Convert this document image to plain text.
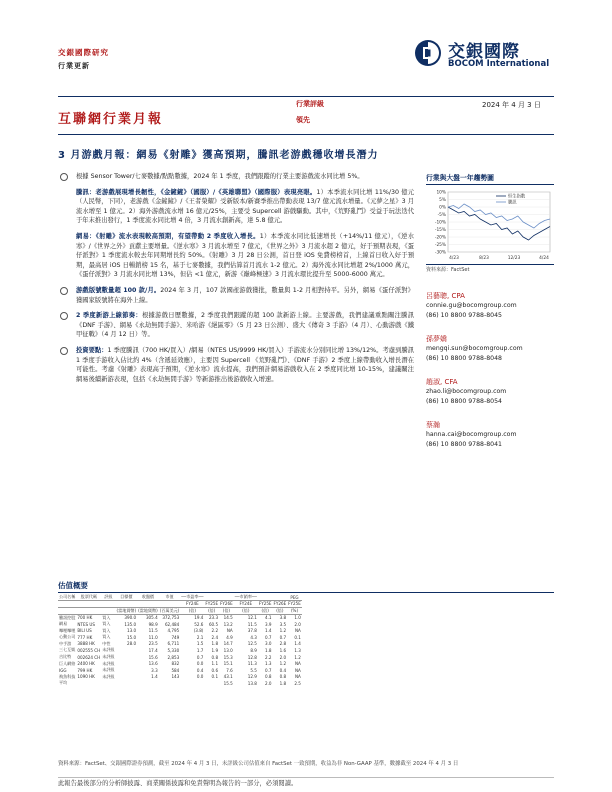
交銀國際研究
行業更新
交銀國際
BOCOM International
互聯網行業月報
行業評級
領先
2024 年 4 月 3 日
3 月游戲月報：網易《射雕》獲高預期，騰訊老游戲穩收增長潛力
根據 Sensor Tower/七麥數據/點點數據，2024 年 1 季度，我們跟蹤的行業主要游戲流水同比增 5%。
騰訊：老游戲展現增長韌性，《金鏟鏟》（國服）/《英雄聯盟》（國際服）表現亮眼。1）本季流水同比增 11%/30 億元（人民幣，下同），老游戲《金鏟鏟》/《王者榮耀》受新版本/新賽季推出帶動表現 13/7 億元流水增量。《元夢之星》3 月流水增至 1 億元。2）海外游戲流水增 16 億元/25%，主要受 Supercell 游戲驅動。其中，《荒野亂鬥》受益于玩法迭代于年末推出發行，1 季度流水同比增 4 倍，3 月流水創新高，達 5.8 億元。
網易：《射雕》流水表現較高預期，有望帶動 2 季度收入增長。1）本季流水同比低速增長（+14%/11 億元），《逆水寒》/《世界之外》貢獻主要增量。《逆水寒》3 月流水增至 7 億元，《世界之外》3 月流水超 2 億元，好于預期表現，《蛋仔派對》1 季度流水較去年同期增長約 50%。《射雕》3 月 28 日公測，首日登 iOS 免費榜榜首，上線首日收入好于預期，最高居 iOS 日暢銷榜 15 名，基于七麥數據，我們估算首月流水 1-2 億元。2）海外流水同比增超 2%/1000 萬元，《蛋仔派對》3 月流水同比增 13%，但佔 <1 億元，新游《巔峰極速》3 月流水環比提升至 5000-6000 萬元。
游戲版號數量超 100 款/月。2024 年 3 月，107 款國產游戲獲批，數量與 1-2 月相對持平。另外，網易《蛋仔派對》獲國家版號將在海外上線。
2 季度新游上線節奏：根據游戲日歷數據，2 季度我們跟蹤的超 100 款新游上線。主要游戲，我們建議重點關注騰訊《DNF 手游》、網易《永劫無間手游》、米哈游《絕區零》（5 月 23 日公測）、盛大《傳奇 3 手游》（4 月）、心動游戲《鐵甲征戰》（4 月 12 日）等。
投資要點：1 季度騰訊（700 HK/買入）/網易（NTES US/9999 HK/買入）手游流水分別同比增 13%/12%。考慮到騰訊 1 季度手游收入佔比約 4%（含遞延效應），主要因 Supercell 《荒野亂鬥》、《DNF 手游》2 季度上線帶動收入增長潛在可能性。考慮《射雕》表現高于預期，《逆水寒》流水提高，我們預計網易游戲收入在 2 季度同比增 10-15%，建議關注網易後續新游表現，包括《永劫無間手游》等新游推出後游戲收入增速。
行業與大盤一年趨勢圖
10%
5%
0%
-5%
-10%
-15%
-20%
-25%
-30%
4/23	8/23	12/23	4/24
恒生指數
騰訊
資料來源：FactSet
呂藝聰, CPA
connie.gu@bocomgroup.com
(86) 10 8800 9788-8045
孫夢嬌
mengqi.sun@bocomgroup.com
(86) 10 8800 9788-8048
趙淑, CFA
zhao.li@bocomgroup.com
(86) 10 8800 9788-8054
蔡瀚
hanna.cai@bocomgroup.com
(86) 10 8800 9788-8041
估值概要
公司名稱	股票代碼	評級	目標價	收盤價	市值	──市盈率──			──市銷率──			PEG
						FY24E	FY25E	FY26E	FY24E	FY25E	FY26E	FY25E
			(當地貨幣)	(當地貨幣)	(百萬美元)	(倍)	(倍)	(倍)	(倍)	(倍)	(倍)	(%)
騰訊控股	700 HK	買入	390.0	305.4	372,753	19.4	23.3	14.5	12.1	4.1	3.8	1.0
網易	NTES US	買入	135.0	98.9	62,484	52.6	60.5	13.2	11.5	3.9	3.5	2.0
嗶哩嗶哩	BILI US	買入	13.0	11.5	4,795	(3.8)	2.2	NA	37.8	1.4	1.2	NA
心動公司	777 HK	買入	15.0	11.0	749	2.1	2.4	4.9	4.3	0.7	0.7	0.1
中手游	3888 HK	中性	28.0	23.5	6,711	1.5	1.8	14.7	12.5	3.0	2.8	1.4
三七互娛	002555 CH	未評級		17.4	5,330	1.7	1.9	13.0	8.9	1.8	1.6	1.3
吉比特	002624 CH	未評級		15.6	2,853	0.7	0.8	15.3	12.8	2.2	2.0	1.2
巨人網絡	2400 HK	未評級		13.6	832	0.0	1.1	15.1	11.3	1.3	1.2	NA
IGG	799 HK	未評級		3.3	584	0.4	0.6	7.6	5.5	0.7	0.4	NA
飛魚科技	1090 HK	未評級		1.4	143	0.0	0.1	43.1	12.9	0.8	0.8	NA
平均								15.5	13.8	2.0	1.8	2.5
資料來源：FactSet、交銀國際證券預測，截至 2024 年 4 月 3 日，未評級公司估值來自 FactSet 一致預期，收益為非 Non-GAAP 基準，數據截至 2024 年 4 月 3 日
此報告最後部分的分析師披露、商業關係披露和免責聲明為報告的一部分，必須閱讀。
